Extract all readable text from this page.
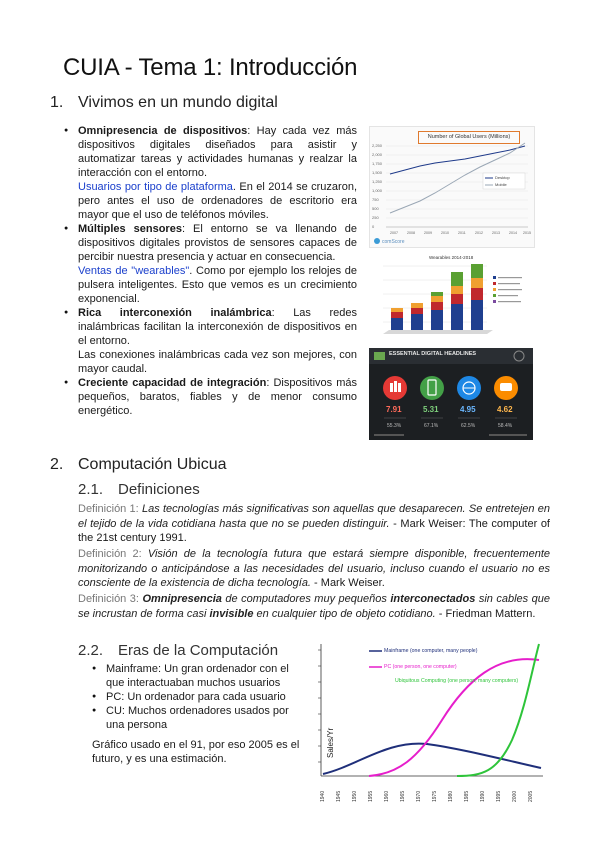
CUIA - Tema 1: Introducción
1. Vivimos en un mundo digital
● Omnipresencia de dispositivos: Hay cada vez más dispositivos digitales diseñados para asistir y automatizar tareas y actividades humanas y realzar la interacción con el entorno.
Usuarios por tipo de plataforma. En el 2014 se cruzaron, pero antes el uso de ordenadores de escritorio era mayor que el uso de teléfonos móviles.
● Múltiples sensores: El entorno se va llenando de dispositivos digitales provistos de sensores capaces de percibir nuestra presencia y actuar en consecuencia.
Ventas de "wearables". Como por ejemplo los relojes de pulsera inteligentes. Esto que vemos es un crecimiento exponencial.
● Rica interconexión inalámbrica: Las redes inalámbricas facilitan la interconexión de dispositivos en el entorno.
Las conexiones inalámbricas cada vez son mejores, con mayor caudal.
● Creciente capacidad de integración: Dispositivos más pequeños, baratos, fiables y de menor consumo energético.
Number of Global Users (Millions)
2,250
2,000
1,750
1,500
1,250
1,000
750
500
250
0
Desktop
Mobile
2007	2008	2009	2010	2011	2012	2013	2014 2015
comScore
Wearables 2014-2018
ESSENTIAL DIGITAL HEADLINES
7.91	5.31	4.95	4.62
55.3%	67.1%	62.5%	58.4%
2. Computación Ubicua
2.1. Definiciones
Definición 1: Las tecnologías más significativas son aquellas que desaparecen. Se entretejen en el tejido de la vida cotidiana hasta que no se pueden distinguir. - Mark Weiser: The computer of the 21st century 1991.
Definición 2: Visión de la tecnología futura que estará siempre disponible, frecuentemente monitorizando o anticipándose a las necesidades del usuario, incluso cuando el usuario no es consciente de la existencia de dicha tecnología. - Mark Weiser.
Definición 3: Omnipresencia de computadores muy pequeños interconectados sin cables que se incrustan de forma casi invisible en cualquier tipo de objeto cotidiano. - Friedman Mattern.
2.2. Eras de la Computación
● Mainframe: Un gran ordenador con el que interactuaban muchos usuarios
● PC: Un ordenador para cada usuario
● CU: Muchos ordenadores usados por una persona
Gráfico usado en el 91, por eso 2005 es el futuro, y es una estimación.
Sales/Yr
Mainframe (one computer, many people)
PC (one person, one computer)
Ubiquitous Computing (one person, many computers)
1940 1945 1950 1955 1960 1965 1970 1975 1980 1985 1990 1995 2000 2005
